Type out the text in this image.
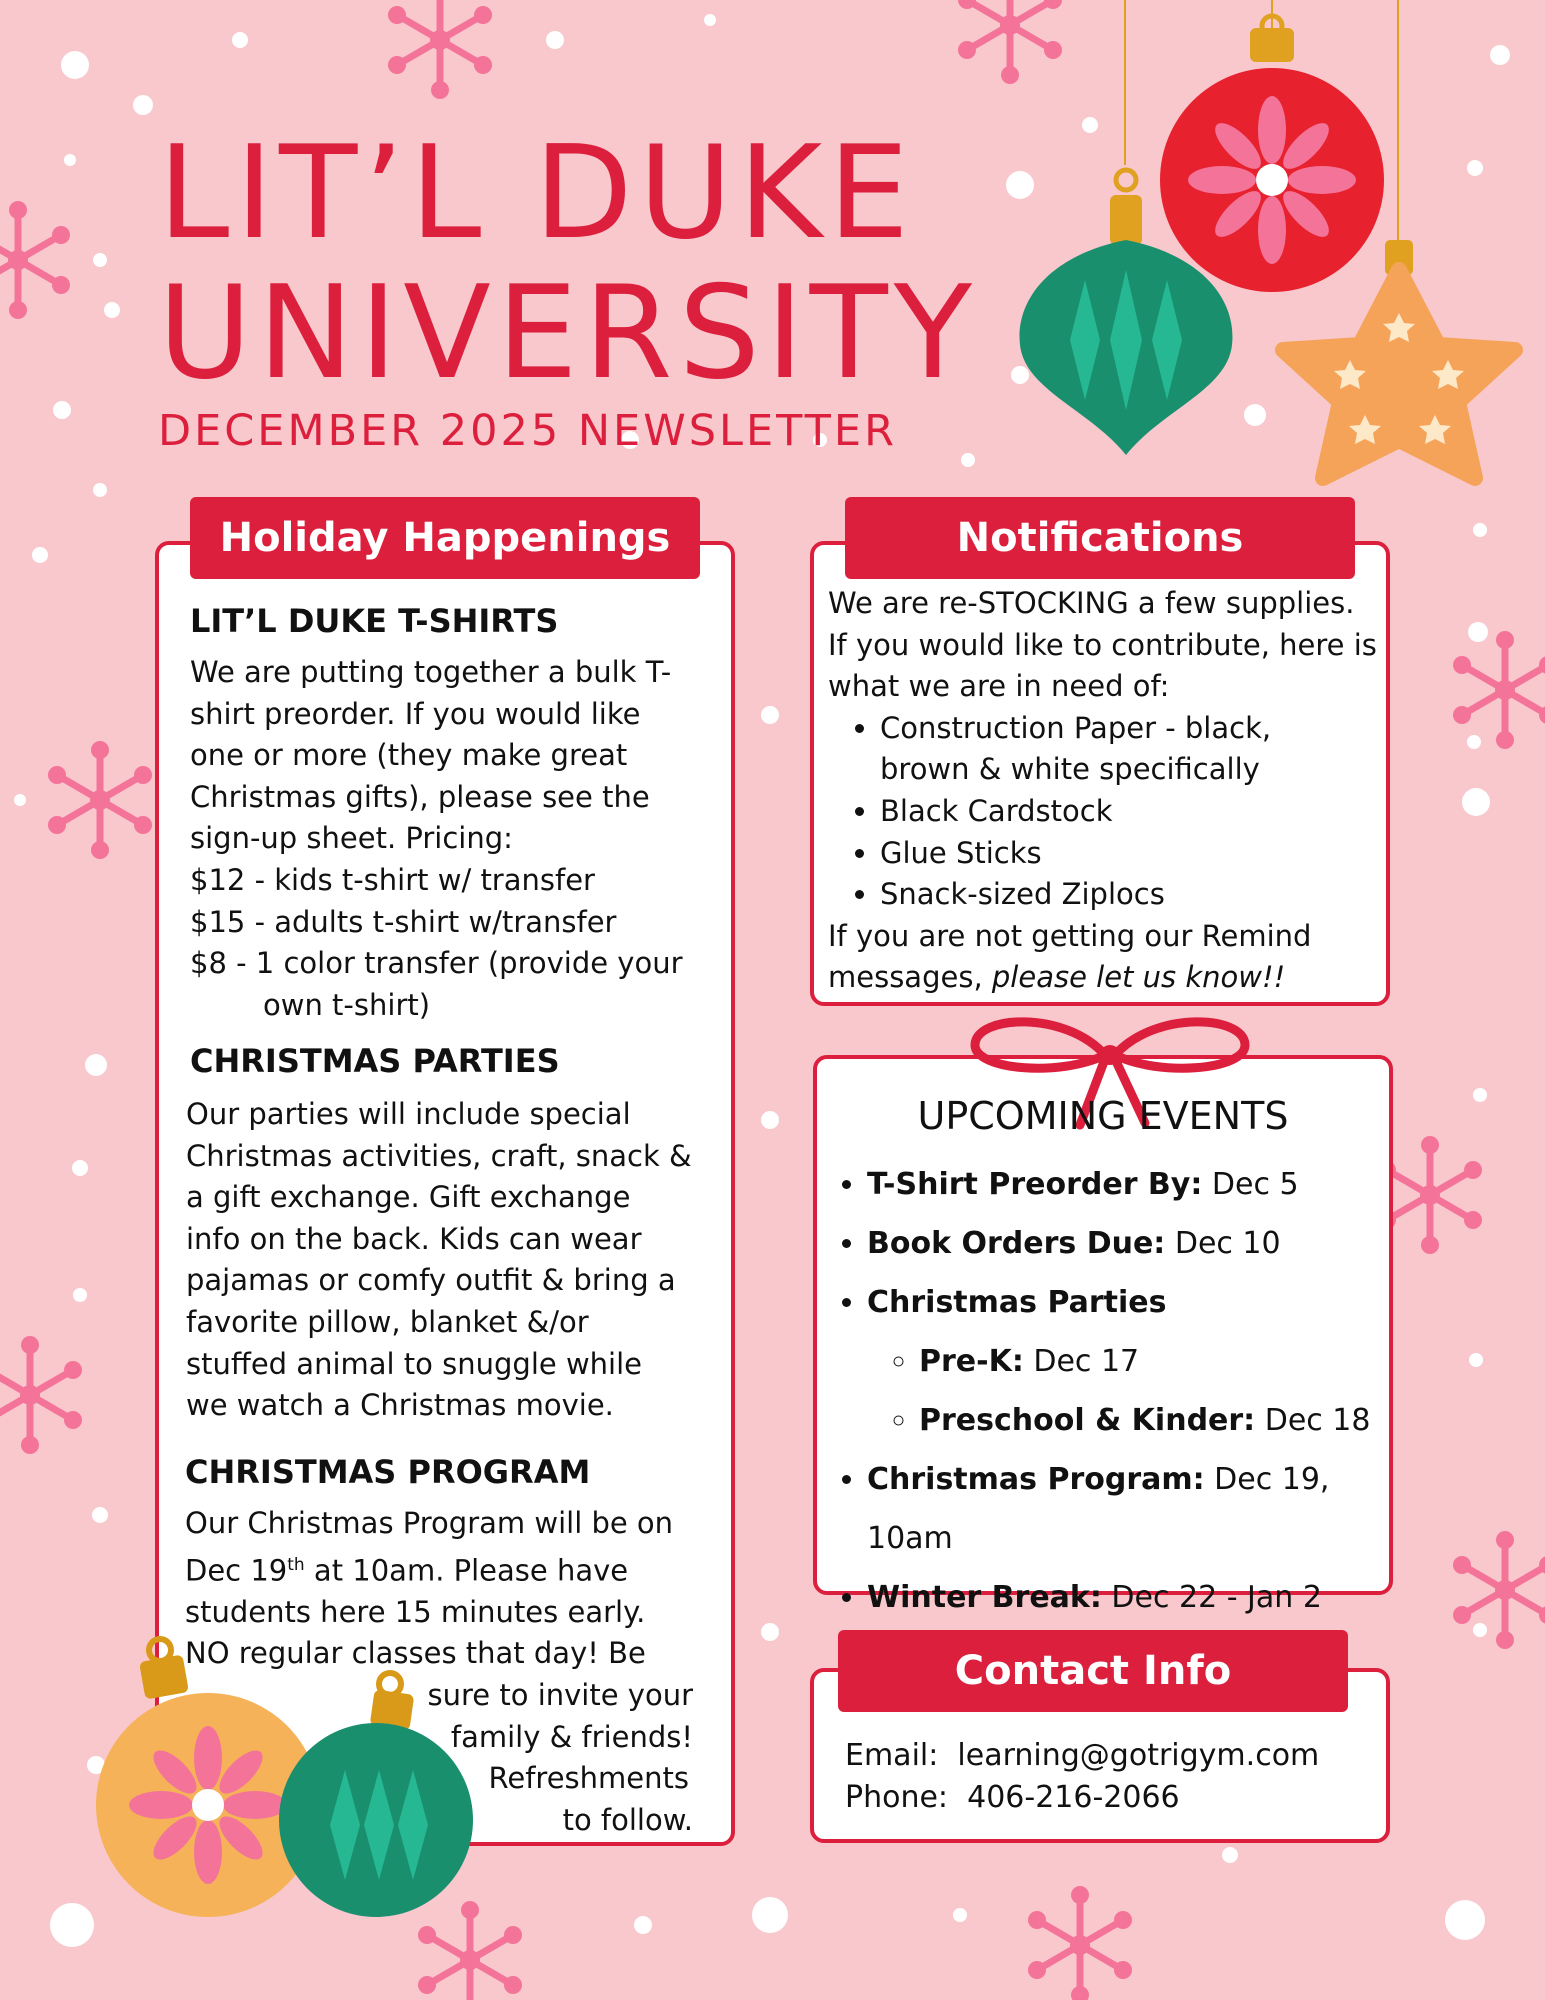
LIT’L DUKE
UNIVERSITY
DECEMBER 2025 NEWSLETTER
Holiday Happenings
LIT’L DUKE T-SHIRTS

We are putting together a bulk T-

shirt preorder. If you would like

one or more (they make great

Christmas gifts), please see the

sign-up sheet. Pricing:

$12 - kids t-shirt w/ transfer

$15 - adults t-shirt w/transfer

$8 - 1 color transfer (provide your

own t-shirt)

CHRISTMAS PARTIES

Our parties will include special

Christmas activities, craft, snack &

a gift exchange. Gift exchange

info on the back. Kids can wear

pajamas or comfy outfit & bring a

favorite pillow, blanket &/or

stuffed animal to snuggle while

we watch a Christmas movie.

CHRISTMAS PROGRAM

Our Christmas Program will be on

Dec 19th at 10am. Please have

students here 15 minutes early.

NO regular classes that day! Be

sure to invite your

family & friends!

Refreshments

to follow.

Notifications

We are re-STOCKING a few supplies.

If you would like to contribute, here is

what we are in need of:

• Construction Paper - black,
brown & white specifically
• Black Cardstock
• Glue Sticks
• Snack-sized Ziplocs

If you are not getting our Remind
messages, please let us know!!

UPCOMING EVENTS
• T-Shirt Preorder By: Dec 5
• Book Orders Due: Dec 10
• Christmas Parties
◦ Pre-K: Dec 17
◦ Preschool & Kinder: Dec 18
• Christmas Program: Dec 19, 10am
• Winter Break: Dec 22 - Jan 2
Contact Info

Email: learning@gotrigym.com

Phone: 406-216-2066
